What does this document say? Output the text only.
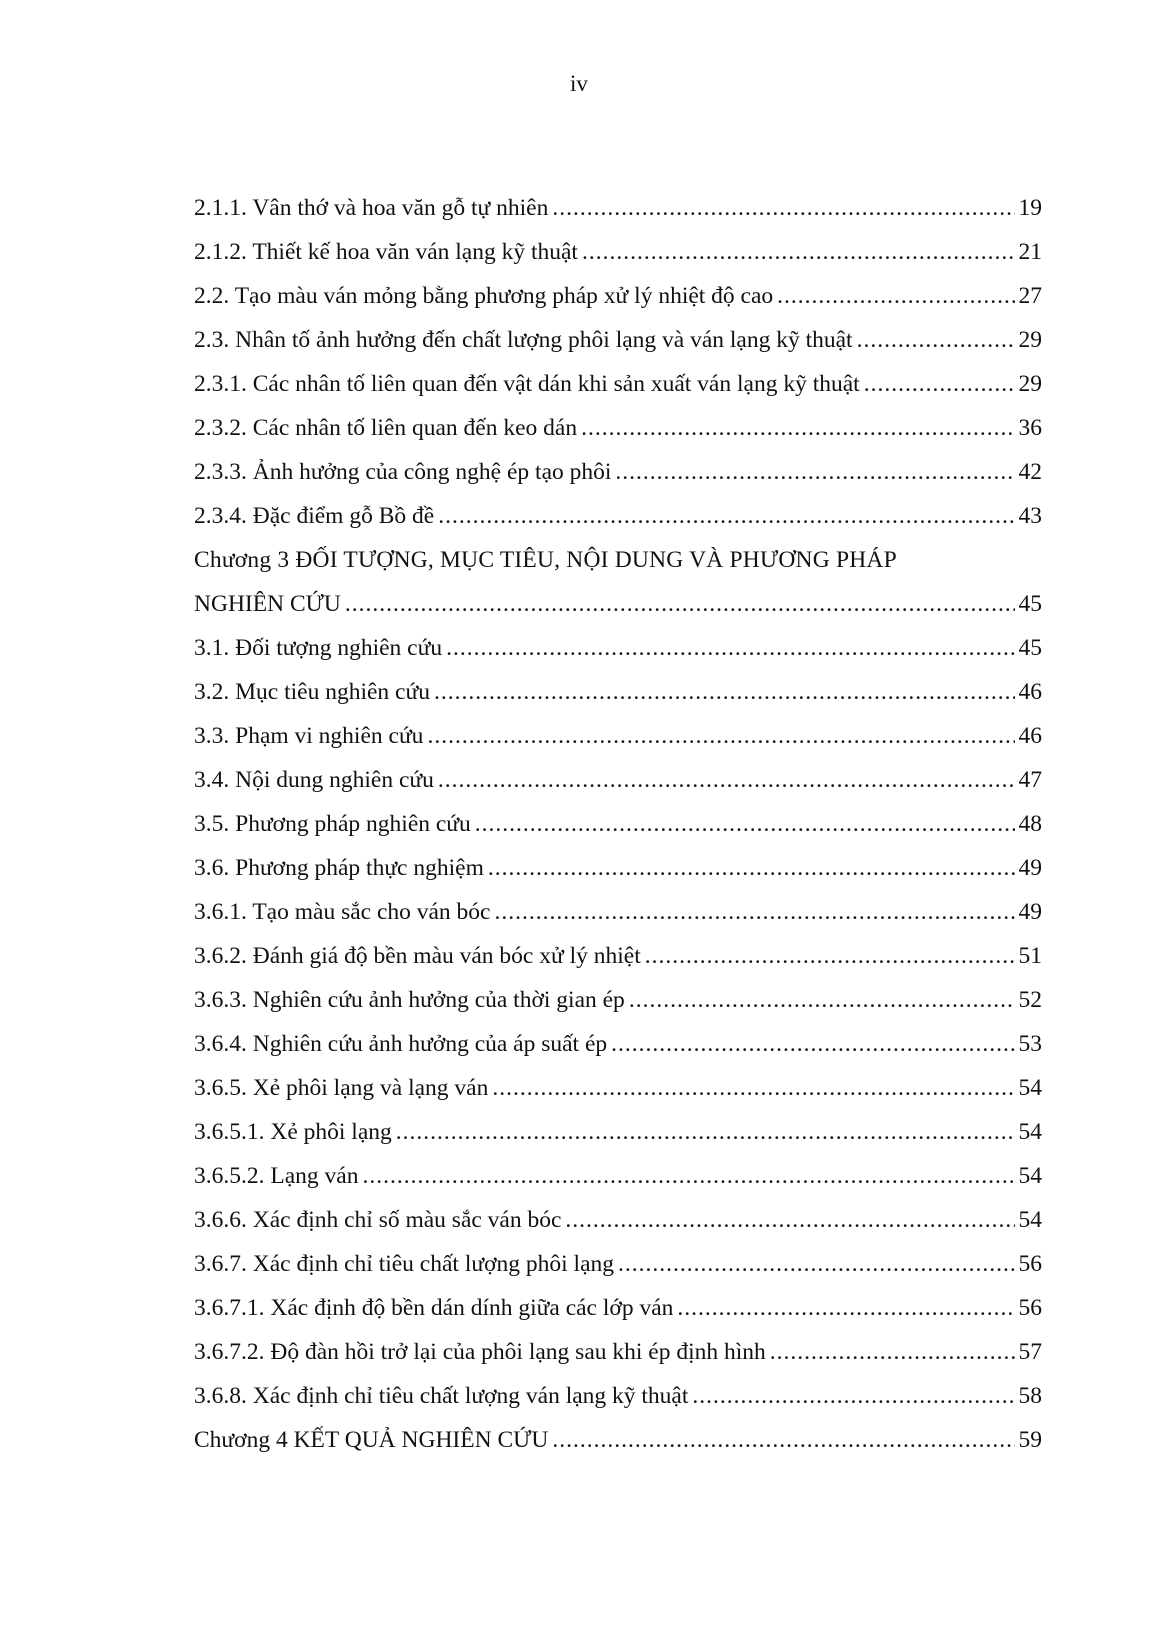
iv
2.1.1. Vân thớ và hoa văn gỗ tự nhiên .....	19
2.1.2. Thiết kế hoa văn ván lạng kỹ thuật .....	21
2.2. Tạo màu ván mỏng bằng phương pháp xử lý nhiệt độ cao .....	27
2.3. Nhân tố ảnh hưởng đến chất lượng phôi lạng và ván lạng kỹ thuật .....	29
2.3.1. Các nhân tố liên quan đến vật dán khi sản xuất ván lạng kỹ thuật .....	29
2.3.2. Các nhân tố liên quan đến keo dán .....	36
2.3.3. Ảnh hưởng của công nghệ ép tạo phôi .....	42
2.3.4. Đặc điểm gỗ Bồ đề .....	43
Chương 3 ĐỐI TƯỢNG, MỤC TIÊU, NỘI DUNG VÀ PHƯƠNG PHÁP
NGHIÊN CỨU .....	45
3.1. Đối tượng nghiên cứu .....	45
3.2. Mục tiêu nghiên cứu .....	46
3.3. Phạm vi nghiên cứu .....	46
3.4. Nội dung nghiên cứu .....	47
3.5. Phương pháp nghiên cứu .....	48
3.6. Phương pháp thực nghiệm .....	49
3.6.1. Tạo màu sắc cho ván bóc .....	49
3.6.2. Đánh giá độ bền màu ván bóc xử lý nhiệt .....	51
3.6.3. Nghiên cứu ảnh hưởng của thời gian ép .....	52
3.6.4. Nghiên cứu ảnh hưởng của áp suất ép .....	53
3.6.5. Xẻ phôi lạng và lạng ván .....	54
3.6.5.1. Xẻ phôi lạng .....	54
3.6.5.2. Lạng ván .....	54
3.6.6. Xác định chỉ số màu sắc ván bóc .....	54
3.6.7. Xác định chỉ tiêu chất lượng phôi lạng .....	56
3.6.7.1. Xác định độ bền dán dính giữa các lớp ván .....	56
3.6.7.2. Độ đàn hồi trở lại của phôi lạng sau khi ép định hình .....	57
3.6.8. Xác định chỉ tiêu chất lượng ván lạng kỹ thuật .....	58
Chương 4 KẾT QUẢ NGHIÊN CỨU .....	59
